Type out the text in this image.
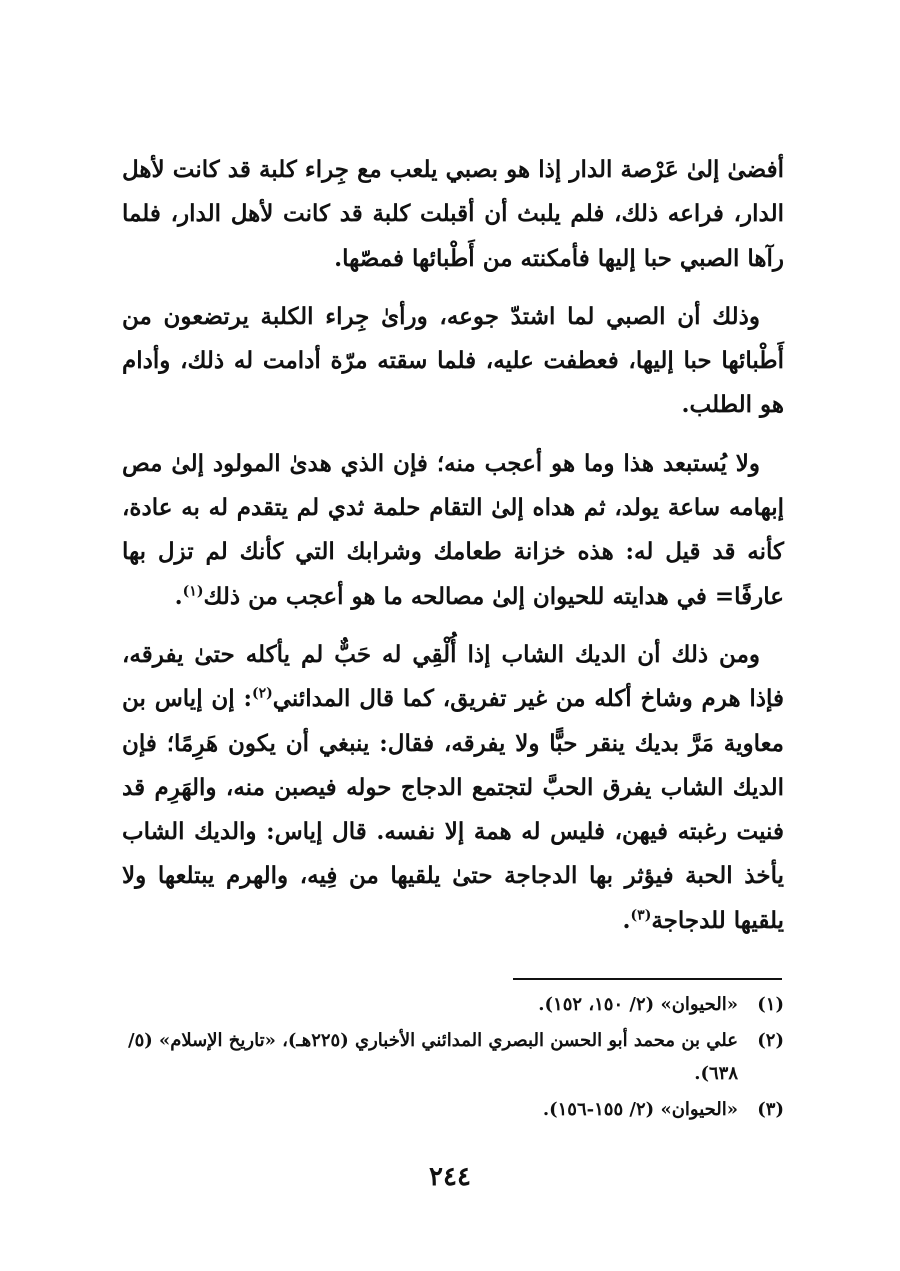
أفضىٰ إلىٰ عَرْصة الدار إذا هو بصبي يلعب مع جِراء كلبة قد كانت لأهل الدار، فراعه ذلك، فلم يلبث أن أقبلت كلبة قد كانت لأهل الدار، فلما رآها الصبي حبا إليها فأمكنته من أَطْبائها فمصّها.

وذلك أن الصبي لما اشتدّ جوعه، ورأىٰ جِراء الكلبة يرتضعون من أَطْبائها حبا إليها، فعطفت عليه، فلما سقته مرّة أدامت له ذلك، وأدام هو الطلب.

ولا يُستبعد هذا وما هو أعجب منه؛ فإن الذي هدىٰ المولود إلىٰ مص إبهامه ساعة يولد، ثم هداه إلىٰ التقام حلمة ثدي لم يتقدم له به عادة، كأنه قد قيل له: هذه خزانة طعامك وشرابك التي كأنك لم تزل بها عارفًا= في هدايته للحيوان إلىٰ مصالحه ما هو أعجب من ذلك$^{(١)}$.

ومن ذلك أن الديك الشاب إذا أُلْقِي له حَبٌّ لم يأكله حتىٰ يفرقه، فإذا هرم وشاخ أكله من غير تفريق، كما قال المدائني$^{(٢)}$: إن إياس بن معاوية مَرَّ بديك ينقر حبًّا ولا يفرقه، فقال: ينبغي أن يكون هَرِمًا؛ فإن الديك الشاب يفرق الحبَّ لتجتمع الدجاج حوله فيصبن منه، والهَرِم قد فنيت رغبته فيهن، فليس له همة إلا نفسه. قال إياس: والديك الشاب يأخذ الحبة فيؤثر بها الدجاجة حتىٰ يلقيها من فِيه، والهرم يبتلعها ولا يلقيها للدجاجة$^{(٣)}$.

(١)
«الحيوان» (٢/ ١٥٠، ١٥٢).
(٢)
علي بن محمد أبو الحسن البصري المدائني الأخباري (٢٢٥هـ)، «تاريخ الإسلام» (٥/ ٦٣٨).
(٣)
«الحيوان» (٢/ ١٥٥-١٥٦).
٢٤٤
